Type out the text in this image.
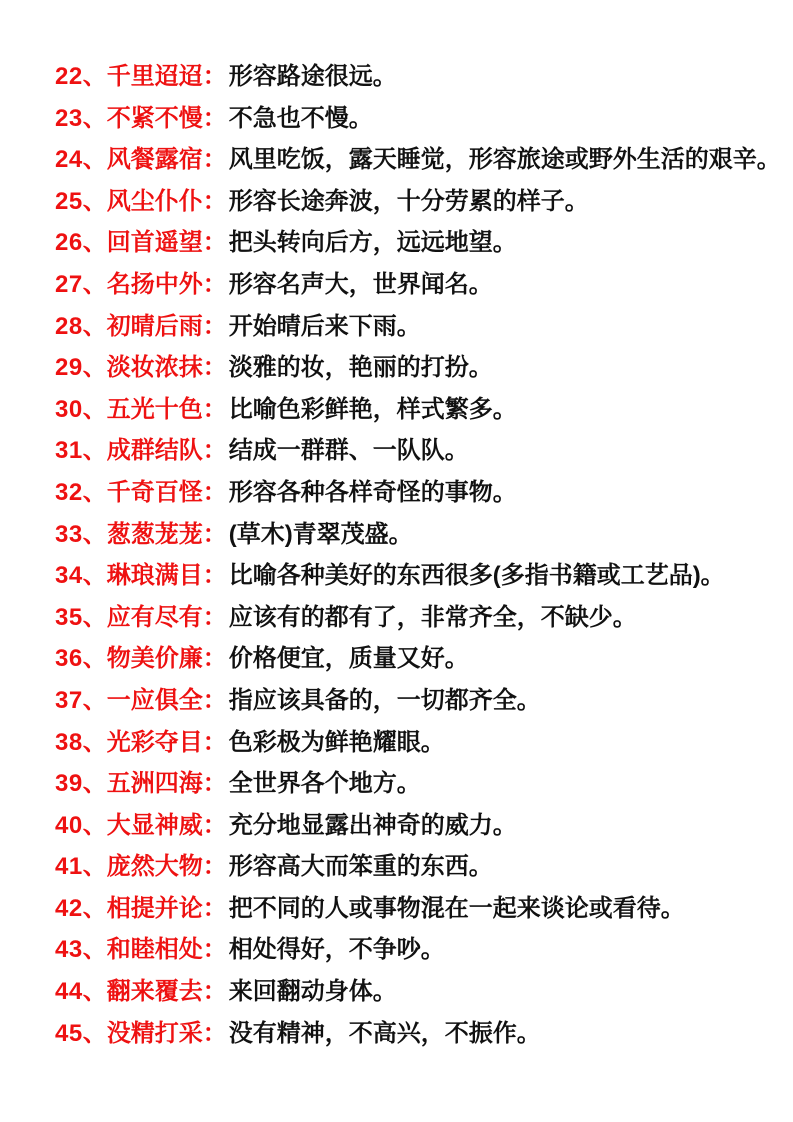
22、千里迢迢：形容路途很远。
23、不紧不慢：不急也不慢。
24、风餐露宿：风里吃饭，露天睡觉，形容旅途或野外生活的艰辛。
25、风尘仆仆：形容长途奔波，十分劳累的样子。
26、回首遥望：把头转向后方，远远地望。
27、名扬中外：形容名声大，世界闻名。
28、初晴后雨：开始晴后来下雨。
29、淡妆浓抹：淡雅的妆，艳丽的打扮。
30、五光十色：比喻色彩鲜艳，样式繁多。
31、成群结队：结成一群群、一队队。
32、千奇百怪：形容各种各样奇怪的事物。
33、葱葱茏茏：(草木)青翠茂盛。
34、琳琅满目：比喻各种美好的东西很多(多指书籍或工艺品)。
35、应有尽有：应该有的都有了，非常齐全，不缺少。
36、物美价廉：价格便宜，质量又好。
37、一应俱全：指应该具备的，一切都齐全。
38、光彩夺目：色彩极为鲜艳耀眼。
39、五洲四海：全世界各个地方。
40、大显神威：充分地显露出神奇的威力。
41、庞然大物：形容高大而笨重的东西。
42、相提并论：把不同的人或事物混在一起来谈论或看待。
43、和睦相处：相处得好，不争吵。
44、翻来覆去：来回翻动身体。
45、没精打采：没有精神，不高兴，不振作。
